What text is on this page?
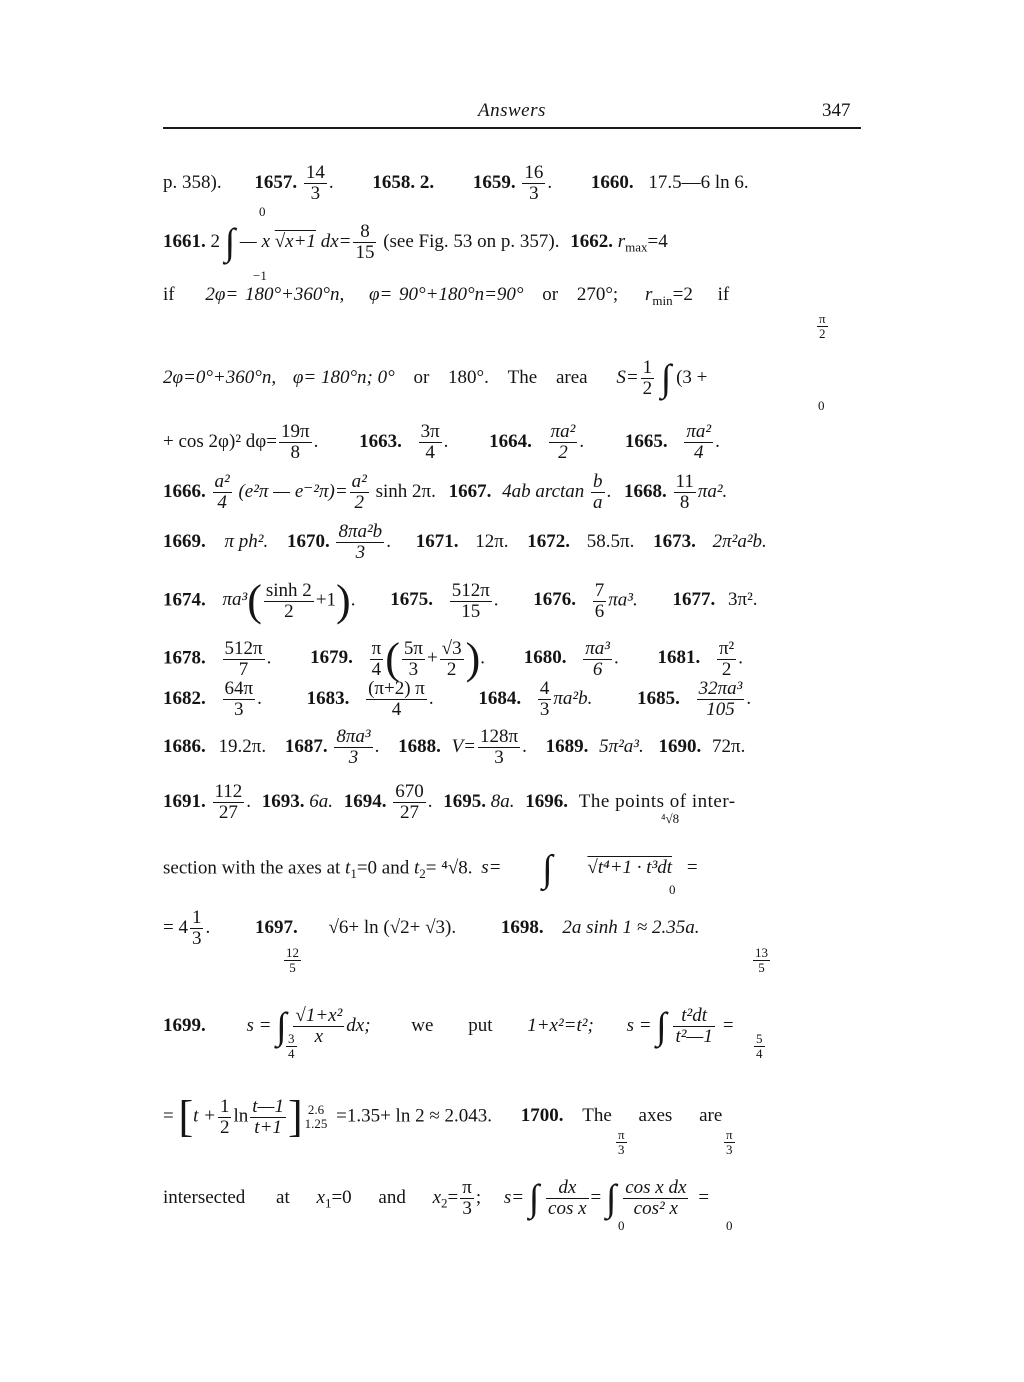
Answers	347
p. 358). 1657. $\frac{14}{3}$ . 1658. 2. 1659. $\frac{16}{3}$ . 1660. 17.5—6 ln 6.
1661. 2 ∫ — x √x+1 $dx= \frac{8}{15} (see$ Fig. 53 on p. 357). 1662. $r_{max}=4$
0
−1
if 2φ= 180°+360°n, φ= 90°+180°n=90° or 270°; $r_{min}=2$ if
2φ=0°+360°n, φ= 180°n; 0° or 180°. The area $S= \frac{1}{2}$ ∫ (3 +
π
2
0
+ cos 2φ)² $d\varphi= \frac{19\pi}{8}$ . 1663. $\frac{3\pi}{4}$ . 1664. $\frac{\text{πa²}}{2}$ . 1665. $\frac{\text{πa²}}{4}$ .
1666. $\frac{\text{a²}}{4} (e^2\pi$ — $e^{-2}\pi)= \frac{\text{a²}}{2}$ sinh 2π. 1667. 4ab $\arctan \frac{b}{a}$ . 1668. $\frac{11}{8} \pi a^2$.
1669. π ph². 1670. $\frac{\text{8πa²b}}{3}$ . 1671. 12π. 1672. 58.5π. 1673. 2π²a²b.
1674. $\pi a^3( \frac{\sinh 2}{2} +1)$. 1675. $\frac{512\pi}{15}$ . 1676. $\frac{7}{6} \pi a^3$. 1677. 3π².
1678. $\frac{512\pi}{7}$ . 1679. $\frac{\pi}{4}$ ( $\frac{5\pi}{3} + \frac{√3}{2}$ ). 1680. $\frac{\text{πa³}}{6}$ . 1681. $\frac{\text{π²}}{2}$ .
1682. $\frac{64\pi}{3}$ . 1683. $\frac{(\pi+2) \pi}{4}$ . 1684. $\frac{4}{3} \pi a^2b$. 1685. $\frac{\text{32πa³}}{105}$ .
1686. 19.2π. 1687. $\frac{\text{8πa³}}{3}$ . 1688. $V= \frac{128\pi}{3}$ . 1689. 5π²a³. 1690. 72π.
1691. $\frac{112}{27}$ . 1693. 6a. 1694. $\frac{670}{27}$ . 1695. 8a. 1696. The points of inter-
section with the axes at $t_1=0$ and $t_2= ^4√8$. s= ∫ √t⁴+1 · t³dt =
⁴√8
0
= $4 \frac{1}{3}$ . 1697. √6+ ln (√2+ √3). 1698. 2a sinh 1 ≈ 2.35a.
1699. s = ∫ $\frac{\text{√1+x²}}{x}$ dx; we put 1+x²=t²; s = ∫ $\frac{\text{t²dt}}{\text{t²—1}}$ =
12
5
3
4
13
5
5
4
= [$t + \frac{1}{2}$ $\ln \frac{t—1}{t+1}$ ] 2.6
1.25 =1.35+ ln 2 ≈ 2.043. 1700. The axes are
intersected at $x_1=0$ and $x_2= \frac{\pi}{3}$ ; s= ∫ $\frac{dx}{\text{cos x}}$ = ∫ $\frac{\text{cos x dx}}{\text{cos² x}}$ =
π
3
0
π
3
0
